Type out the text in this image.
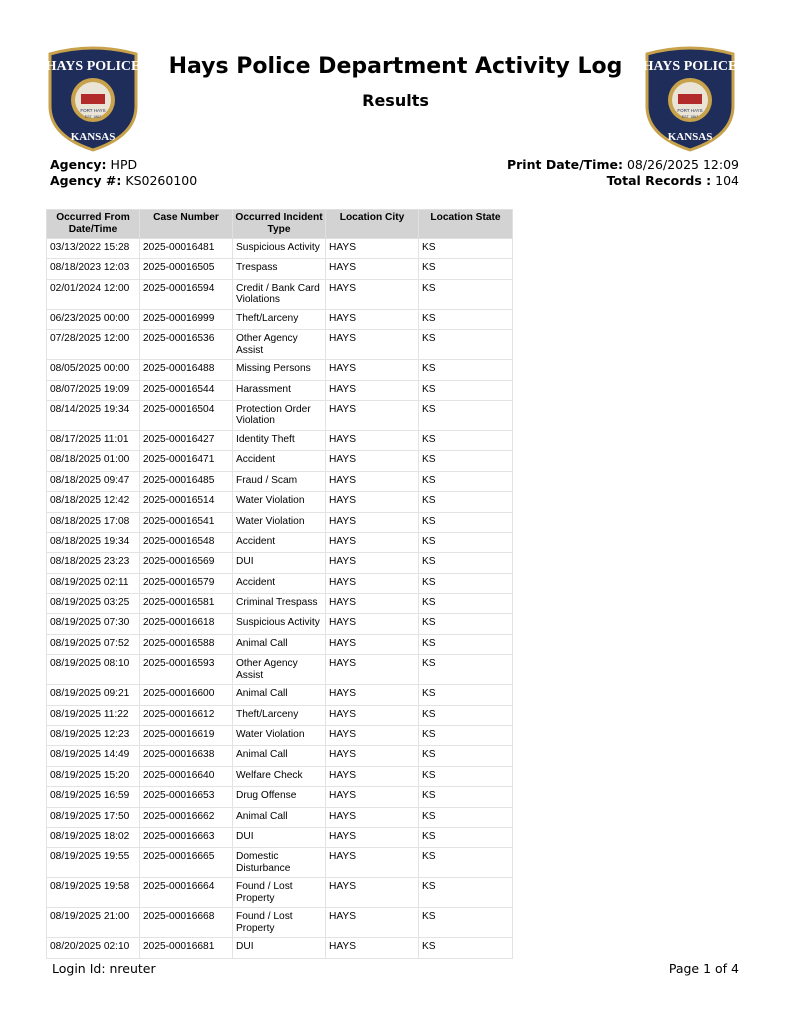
HAYS POLICE
FORT HAYS
EST. 1867
KANSAS
Hays Police Department Activity Log
Results
HAYS POLICE
FORT HAYS
EST. 1867
KANSAS
Agency: HPD
Agency #: KS0260100
Print Date/Time: 08/26/2025 12:09
Total Records : 104
Occurred From Date/Time	Case Number	Occurred Incident Type	Location City	Location State
03/13/2022 15:28	2025-00016481	Suspicious Activity	HAYS	KS
08/18/2023 12:03	2025-00016505	Trespass	HAYS	KS
02/01/2024 12:00	2025-00016594	Credit / Bank Card Violations	HAYS	KS
06/23/2025 00:00	2025-00016999	Theft/Larceny	HAYS	KS
07/28/2025 12:00	2025-00016536	Other Agency Assist	HAYS	KS
08/05/2025 00:00	2025-00016488	Missing Persons	HAYS	KS
08/07/2025 19:09	2025-00016544	Harassment	HAYS	KS
08/14/2025 19:34	2025-00016504	Protection Order Violation	HAYS	KS
08/17/2025 11:01	2025-00016427	Identity Theft	HAYS	KS
08/18/2025 01:00	2025-00016471	Accident	HAYS	KS
08/18/2025 09:47	2025-00016485	Fraud / Scam	HAYS	KS
08/18/2025 12:42	2025-00016514	Water Violation	HAYS	KS
08/18/2025 17:08	2025-00016541	Water Violation	HAYS	KS
08/18/2025 19:34	2025-00016548	Accident	HAYS	KS
08/18/2025 23:23	2025-00016569	DUI	HAYS	KS
08/19/2025 02:11	2025-00016579	Accident	HAYS	KS
08/19/2025 03:25	2025-00016581	Criminal Trespass	HAYS	KS
08/19/2025 07:30	2025-00016618	Suspicious Activity	HAYS	KS
08/19/2025 07:52	2025-00016588	Animal Call	HAYS	KS
08/19/2025 08:10	2025-00016593	Other Agency Assist	HAYS	KS
08/19/2025 09:21	2025-00016600	Animal Call	HAYS	KS
08/19/2025 11:22	2025-00016612	Theft/Larceny	HAYS	KS
08/19/2025 12:23	2025-00016619	Water Violation	HAYS	KS
08/19/2025 14:49	2025-00016638	Animal Call	HAYS	KS
08/19/2025 15:20	2025-00016640	Welfare Check	HAYS	KS
08/19/2025 16:59	2025-00016653	Drug Offense	HAYS	KS
08/19/2025 17:50	2025-00016662	Animal Call	HAYS	KS
08/19/2025 18:02	2025-00016663	DUI	HAYS	KS
08/19/2025 19:55	2025-00016665	Domestic Disturbance	HAYS	KS
08/19/2025 19:58	2025-00016664	Found / Lost Property	HAYS	KS
08/19/2025 21:00	2025-00016668	Found / Lost Property	HAYS	KS
08/20/2025 02:10	2025-00016681	DUI	HAYS	KS
Login Id: nreuter	Page 1 of 4
